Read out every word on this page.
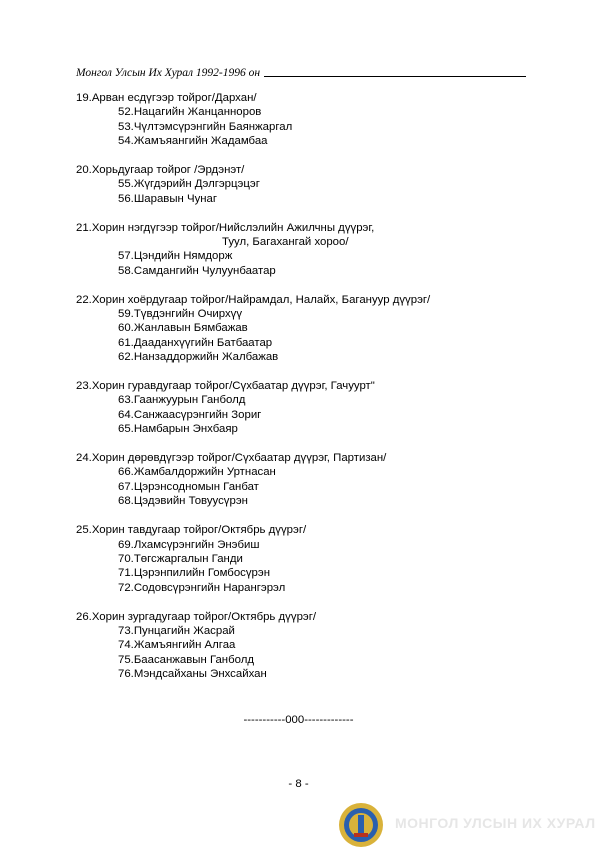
Монгол Улсын Их Хурал 1992-1996 он
19.Арван есдүгээр тойрог/Дархан/
52.Нацагийн Жанцанноров
53.Чүлтэмсүрэнгийн Баянжаргал
54.Жамъяангийн Жадамбаа
20.Хорьдугаар тойрог /Эрдэнэт/
55.Жүгдэрийн Дэлгэрцэцэг
56.Шаравын Чунаг
21.Хорин нэгдүгээр тойрог/Нийслэлийн Ажилчны дүүрэг,
Туул, Багахангай хороо/
57.Цэндийн Нямдорж
58.Самдангийн Чулуунбаатар
22.Хорин хоёрдугаар тойрог/Найрамдал, Налайх, Багануур дүүрэг/
59.Түвдэнгийн Очирхүү
60.Жанлавын Бямбажав
61.Дааданхүүгийн Батбаатар
62.Нанзаддоржийн Жалбажав
23.Хорин гуравдугаар тойрог/Сүхбаатар дүүрэг, Гачуурт"
63.Гаанжуурын Ганболд
64.Санжаасүрэнгийн Зориг
65.Намбарын Энхбаяр
24.Хорин дөрөвдүгээр тойрог/Сүхбаатар дүүрэг, Партизан/
66.Жамбалдоржийн Уртнасан
67.Цэрэнсодномын Ганбат
68.Цэдэвийн Товуусүрэн
25.Хорин тавдугаар тойрог/Октябрь дүүрэг/
69.Лхамсүрэнгийн Энэбиш
70.Төгсжаргалын Ганди
71.Цэрэнпилийн Гомбосүрэн
72.Содовсүрэнгийн Нарангэрэл
26.Хорин зургадугаар тойрог/Октябрь дүүрэг/
73.Пунцагийн Жасрай
74.Жамъянгийн Алгаа
75.Баасанжавын Ганболд
76.Мэндсайханы Энхсайхан
-----------000-------------
- 8 -
МОНГОЛ УЛСЫН ИХ ХУРАЛ
